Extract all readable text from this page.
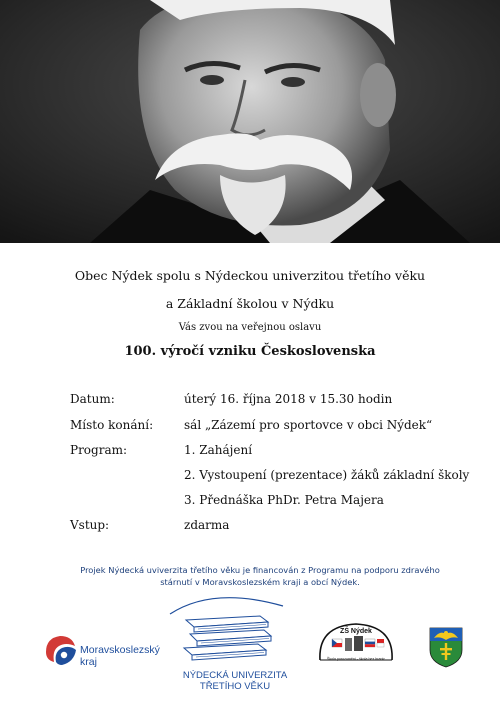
Obec Nýdek spolu s Nýdeckou univerzitou třetího věku
a Základní školou v Nýdku
Vás zvou na veřejnou oslavu
100. výročí vzniku Československa
Datum:	úterý 16. října 2018 v 15.30 hodin
Místo konání:	sál „Zázemí pro sportovce v obci Nýdek“
Program:	1. Zahájení
2. Vystoupení (prezentace) žáků základní školy
3. Přednáška PhDr. Petra Majera
Vstup:	zdarma
Projek Nýdecká uviverzita třetího věku je financován z Programu na podporu zdravého
stárnutí v Moravskoslezském kraji a obcí Nýdek.
Moravskoslezský
kraj
NÝDECKÁ UNIVERZITA
TŘETÍHO VĚKU
ZŠ Nýdek
Škola porozumění - škola bez hranic
